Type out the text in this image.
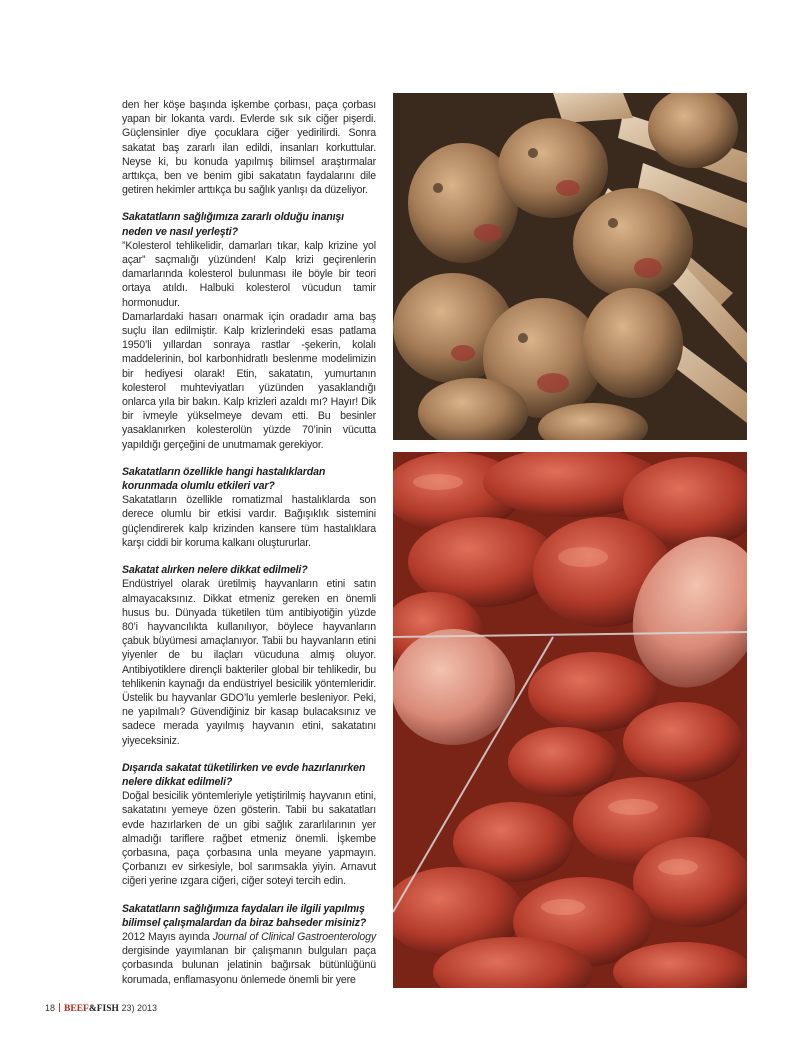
den her köşe başında işkembe çorbası, paça çorbası yapan bir lokanta vardı. Evlerde sık sık ciğer pişerdi. Güçlensinler diye çocuklara ciğer yedirilirdi. Sonra sakatat baş zararlı ilan edildi, insanları korkuttular. Neyse ki, bu konuda yapılmış bilimsel araştırmalar arttıkça, ben ve benim gibi sakatatın faydalarını dile getiren hekimler arttıkça bu sağlık yanlışı da düzeliyor.

Sakatatların sağlığımıza zararlı olduğu inanışı neden ve nasıl yerleşti?

”Kolesterol tehlikelidir, damarları tıkar, kalp krizine yol açar” saçmalığı yüzünden! Kalp krizi geçirenlerin damarlarında kolesterol bulunması ile böyle bir teori ortaya atıldı. Halbuki kolesterol vücudun tamir hormonudur.

Damarlardaki hasarı onarmak için oradadır ama baş suçlu ilan edilmiştir. Kalp krizlerindeki esas patlama 1950’li yıllardan sonraya rastlar -şekerin, kolalı maddelerinin, bol karbonhidratlı beslenme modelimizin bir hediyesi olarak! Etin, sakatatın, yumurtanın kolesterol muhteviyatları yüzünden yasaklandığı onlarca yıla bir bakın. Kalp krizleri azaldı mı? Hayır! Dik bir ivmeyle yükselmeye devam etti. Bu besinler yasaklanırken kolesterolün yüzde 70’inin vücutta yapıldığı gerçeğini de unutmamak gerekiyor.

Sakatatların özellikle hangi hastalıklardan korunmada olumlu etkileri var?

Sakatatların özellikle romatizmal hastalıklarda son derece olumlu bir etkisi vardır. Bağışıklık sistemini güçlendirerek kalp krizinden kansere tüm hastalıklara karşı ciddi bir koruma kalkanı oluştururlar.

Sakatat alırken nelere dikkat edilmeli?

Endüstriyel olarak üretilmiş hayvanların etini satın almayacaksınız. Dikkat etmeniz gereken en önemli husus bu. Dünyada tüketilen tüm antibiyotiğin yüzde 80’i hayvancılıkta kullanılıyor, böylece hayvanların çabuk büyümesi amaçlanıyor. Tabii bu hayvanların etini yiyenler de bu ilaçları vücuduna almış oluyor. Antibiyotiklere dirençli bakteriler global bir tehlikedir, bu tehlikenin kaynağı da endüstriyel besicilik yöntemleridir. Üstelik bu hayvanlar GDO’lu yemlerle besleniyor. Peki, ne yapılmalı? Güvendiğiniz bir kasap bulacaksınız ve sadece merada yayılmış hayvanın etini, sakatatını yiyeceksiniz.

Dışarıda sakatat tüketilirken ve evde hazırlanırken nelere dikkat edilmeli?

Doğal besicilik yöntemleriyle yetiştirilmiş hayvanın etini, sakatatını yemeye özen gösterin. Tabii bu sakatatları evde hazırlarken de un gibi sağlık zararlılarının yer almadığı tariflere rağbet etmeniz önemli. İşkembe çorbasına, paça çorbasına unla meyane yapmayın. Çorbanızı ev sirkesiyle, bol sarımsakla yiyin. Arnavut ciğeri yerine ızgara ciğeri, ciğer soteyi tercih edin.

Sakatatların sağlığımıza faydaları ile ilgili yapılmış bilimsel çalışmalardan da biraz bahseder misiniz?

2012 Mayıs ayında Journal of Clinical Gastroenterology dergisinde yayımlanan bir çalışmanın bulguları paça çorbasında bulunan jelatinin bağırsak bütünlüğünü korumada, enflamasyonu önlemede önemli bir yere

18 BEEF&FISH 23) 2013
